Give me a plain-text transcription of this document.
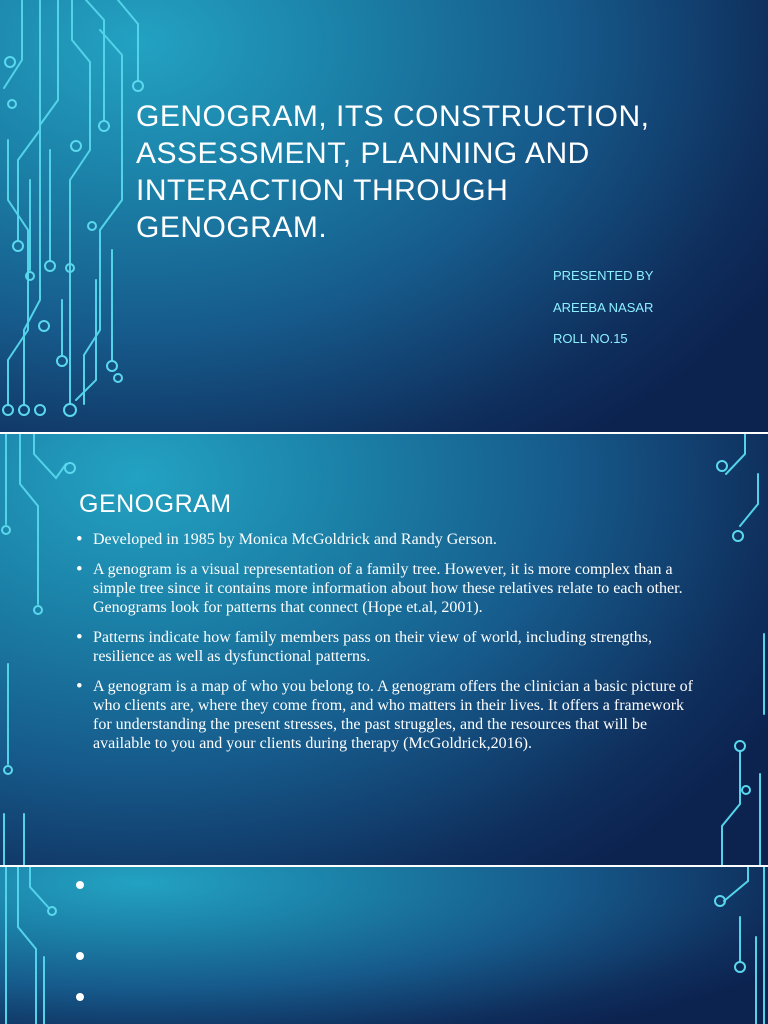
GENOGRAM, ITS CONSTRUCTION,
ASSESSMENT, PLANNING AND
INTERACTION THROUGH
GENOGRAM.
PRESENTED BY
AREEBA NASAR
ROLL NO.15
GENOGRAM
• Developed in 1985 by Monica McGoldrick and Randy Gerson.
• A genogram is a visual representation of a family tree. However, it is more complex than a simple tree since it contains more information about how these relatives relate to each other. Genograms look for patterns that connect (Hope et.al, 2001).
• Patterns indicate how family members pass on their view of world, including strengths, resilience as well as dysfunctional patterns.
• A genogram is a map of who you belong to. A genogram offers the clinician a basic picture of who clients are, where they come from, and who matters in their lives. It offers a framework for understanding the present stresses, the past struggles, and the resources that will be available to you and your clients during therapy (McGoldrick,2016).
